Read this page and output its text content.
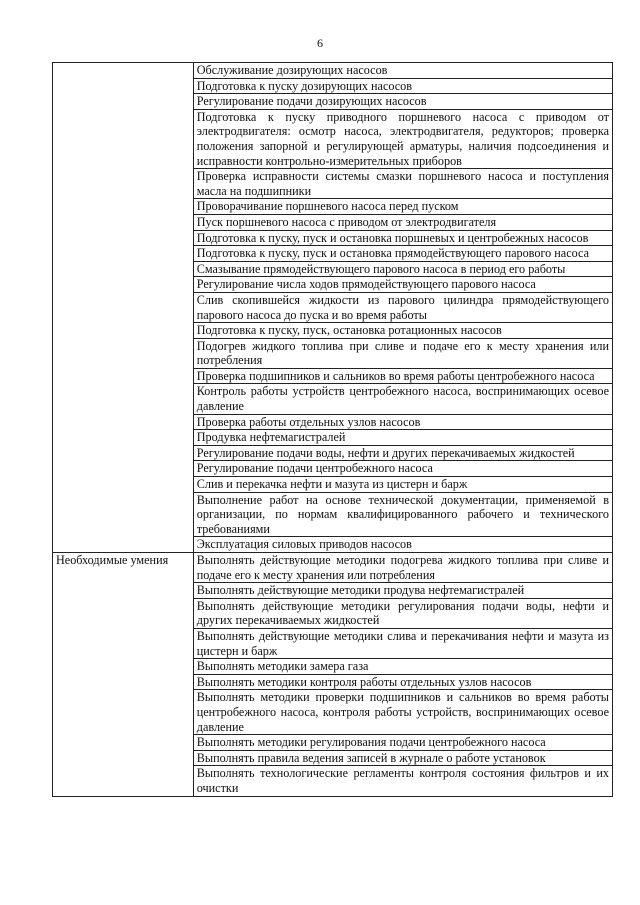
6
	Обслуживание дозирующих насосов
	Подготовка к пуску дозирующих насосов
	Регулирование подачи дозирующих насосов
	Подготовка к пуску приводного поршневого насоса с приводом от электродвигателя: осмотр насоса, электродвигателя, редукторов; проверка положения запорной и регулирующей арматуры, наличия подсоединения и исправности контрольно-измерительных приборов
	Проверка исправности системы смазки поршневого насоса и поступления масла на подшипники
	Проворачивание поршневого насоса перед пуском
	Пуск поршневого насоса с приводом от электродвигателя
	Подготовка к пуску, пуск и остановка поршневых и центробежных насосов
	Подготовка к пуску, пуск и остановка прямодействующего парового насоса
	Смазывание прямодействующего парового насоса в период его работы
	Регулирование числа ходов прямодействующего парового насоса
	Слив скопившейся жидкости из парового цилиндра прямодействующего парового насоса до пуска и во время работы
	Подготовка к пуску, пуск, остановка ротационных насосов
	Подогрев жидкого топлива при сливе и подаче его к месту хранения или потребления
	Проверка подшипников и сальников во время работы центробежного насоса
	Контроль работы устройств центробежного насоса, воспринимающих осевое давление
	Проверка работы отдельных узлов насосов
	Продувка нефтемагистралей
	Регулирование подачи воды, нефти и других перекачиваемых жидкостей
	Регулирование подачи центробежного насоса
	Слив и перекачка нефти и мазута из цистерн и барж
	Выполнение работ на основе технической документации, применяемой в организации, по нормам квалифицированного рабочего и технического требованиями
	Эксплуатация силовых приводов насосов
Необходимые умения	Выполнять действующие методики подогрева жидкого топлива при сливе и подаче его к месту хранения или потребления
	Выполнять действующие методики продува нефтемагистралей
	Выполнять действующие методики регулирования подачи воды, нефти и других перекачиваемых жидкостей
	Выполнять действующие методики слива и перекачивания нефти и мазута из цистерн и барж
	Выполнять методики замера газа
	Выполнять методики контроля работы отдельных узлов насосов
	Выполнять методики проверки подшипников и сальников во время работы центробежного насоса, контроля работы устройств, воспринимающих осевое давление
	Выполнять методики регулирования подачи центробежного насоса
	Выполнять правила ведения записей в журнале о работе установок
	Выполнять технологические регламенты контроля состояния фильтров и их очистки
